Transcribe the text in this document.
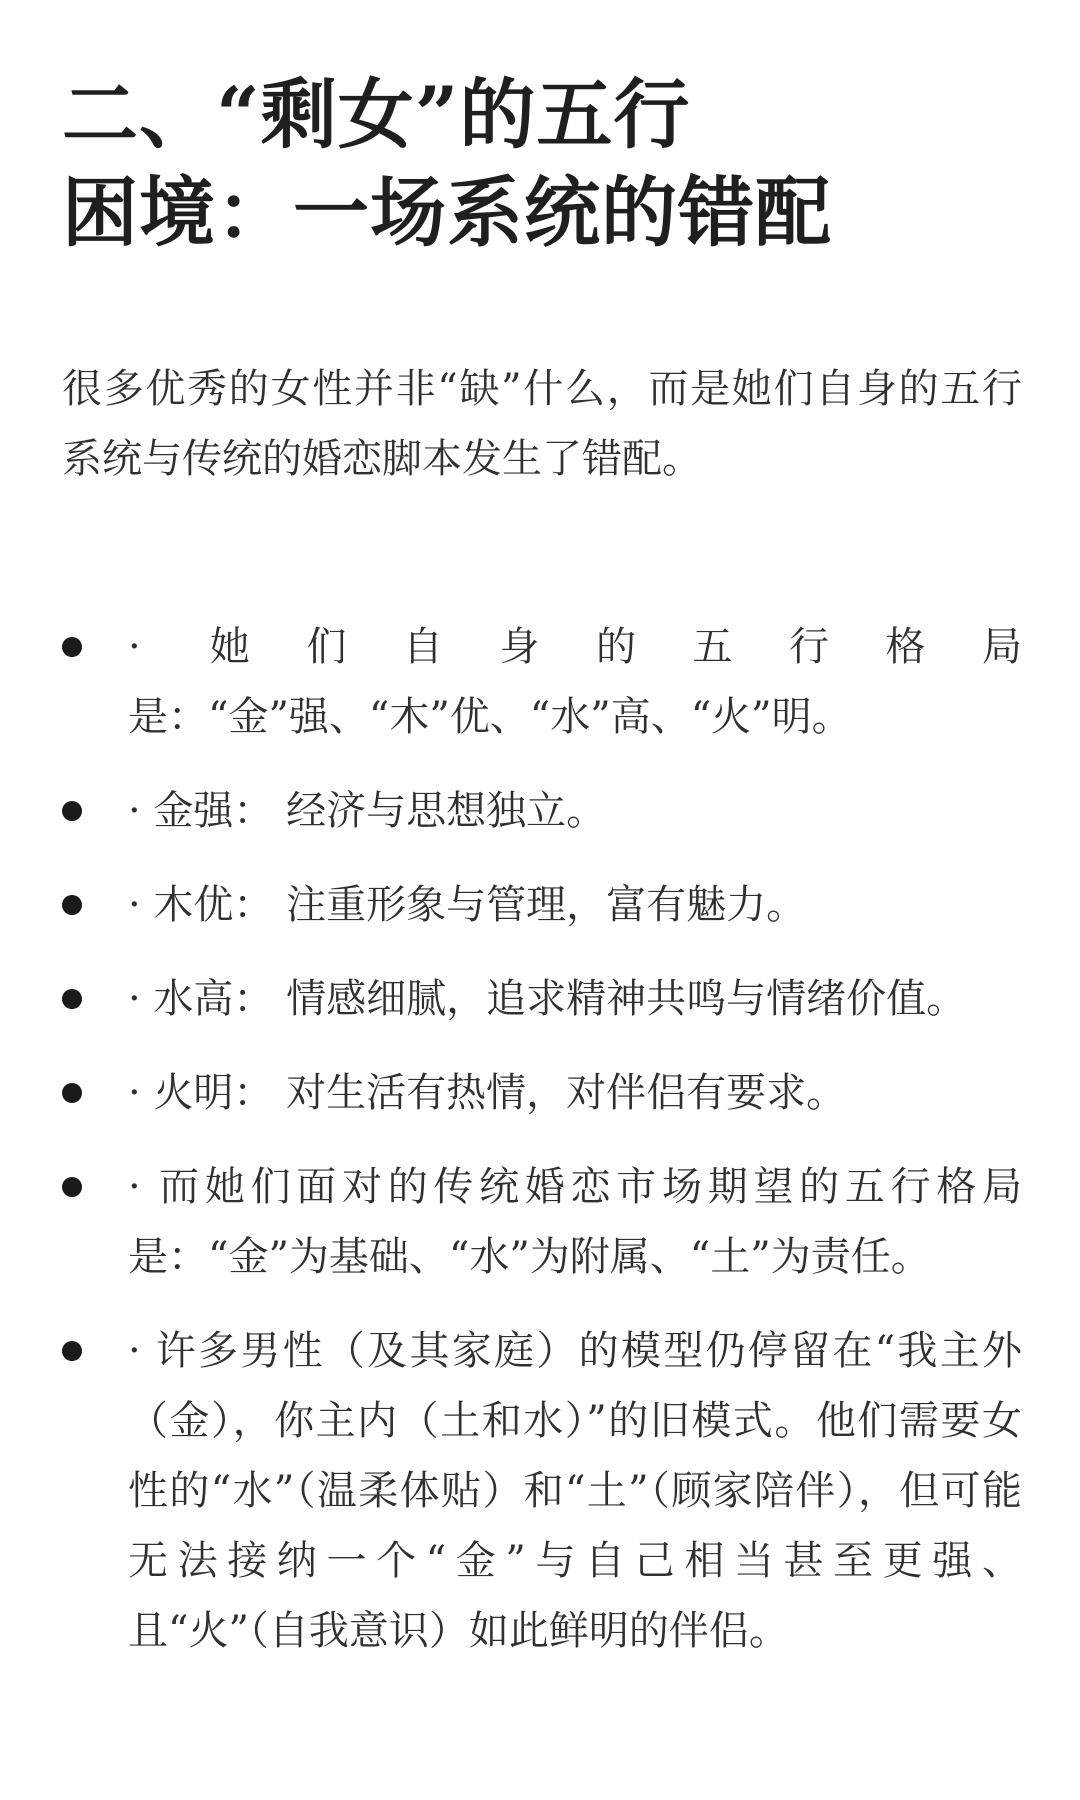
二、“剩女”的五行
困境：一场系统的错配

很多优秀的女性并非“缺”什么，而是她们自身的五行系统与传统的婚恋脚本发生了错配。

· 她们自身的五行格局是：“金”强、“木”优、“水”高、“火”明。
· 金强： 经济与思想独立。
· 木优： 注重形象与管理，富有魅力。
· 水高： 情感细腻，追求精神共鸣与情绪价值。
· 火明： 对生活有热情，对伴侣有要求。
· 而她们面对的传统婚恋市场期望的五行格局是：“金”为基础、“水”为附属、“土”为责任。
· 许多男性（及其家庭）的模型仍停留在“我主外（金），你主内（土和水）”的旧模式。他们需要女性的“水”（温柔体贴）和“土”（顾家陪伴），但可能无法接纳一个“金”与自己相当甚至更强、且“火”（自我意识）如此鲜明的伴侣。
